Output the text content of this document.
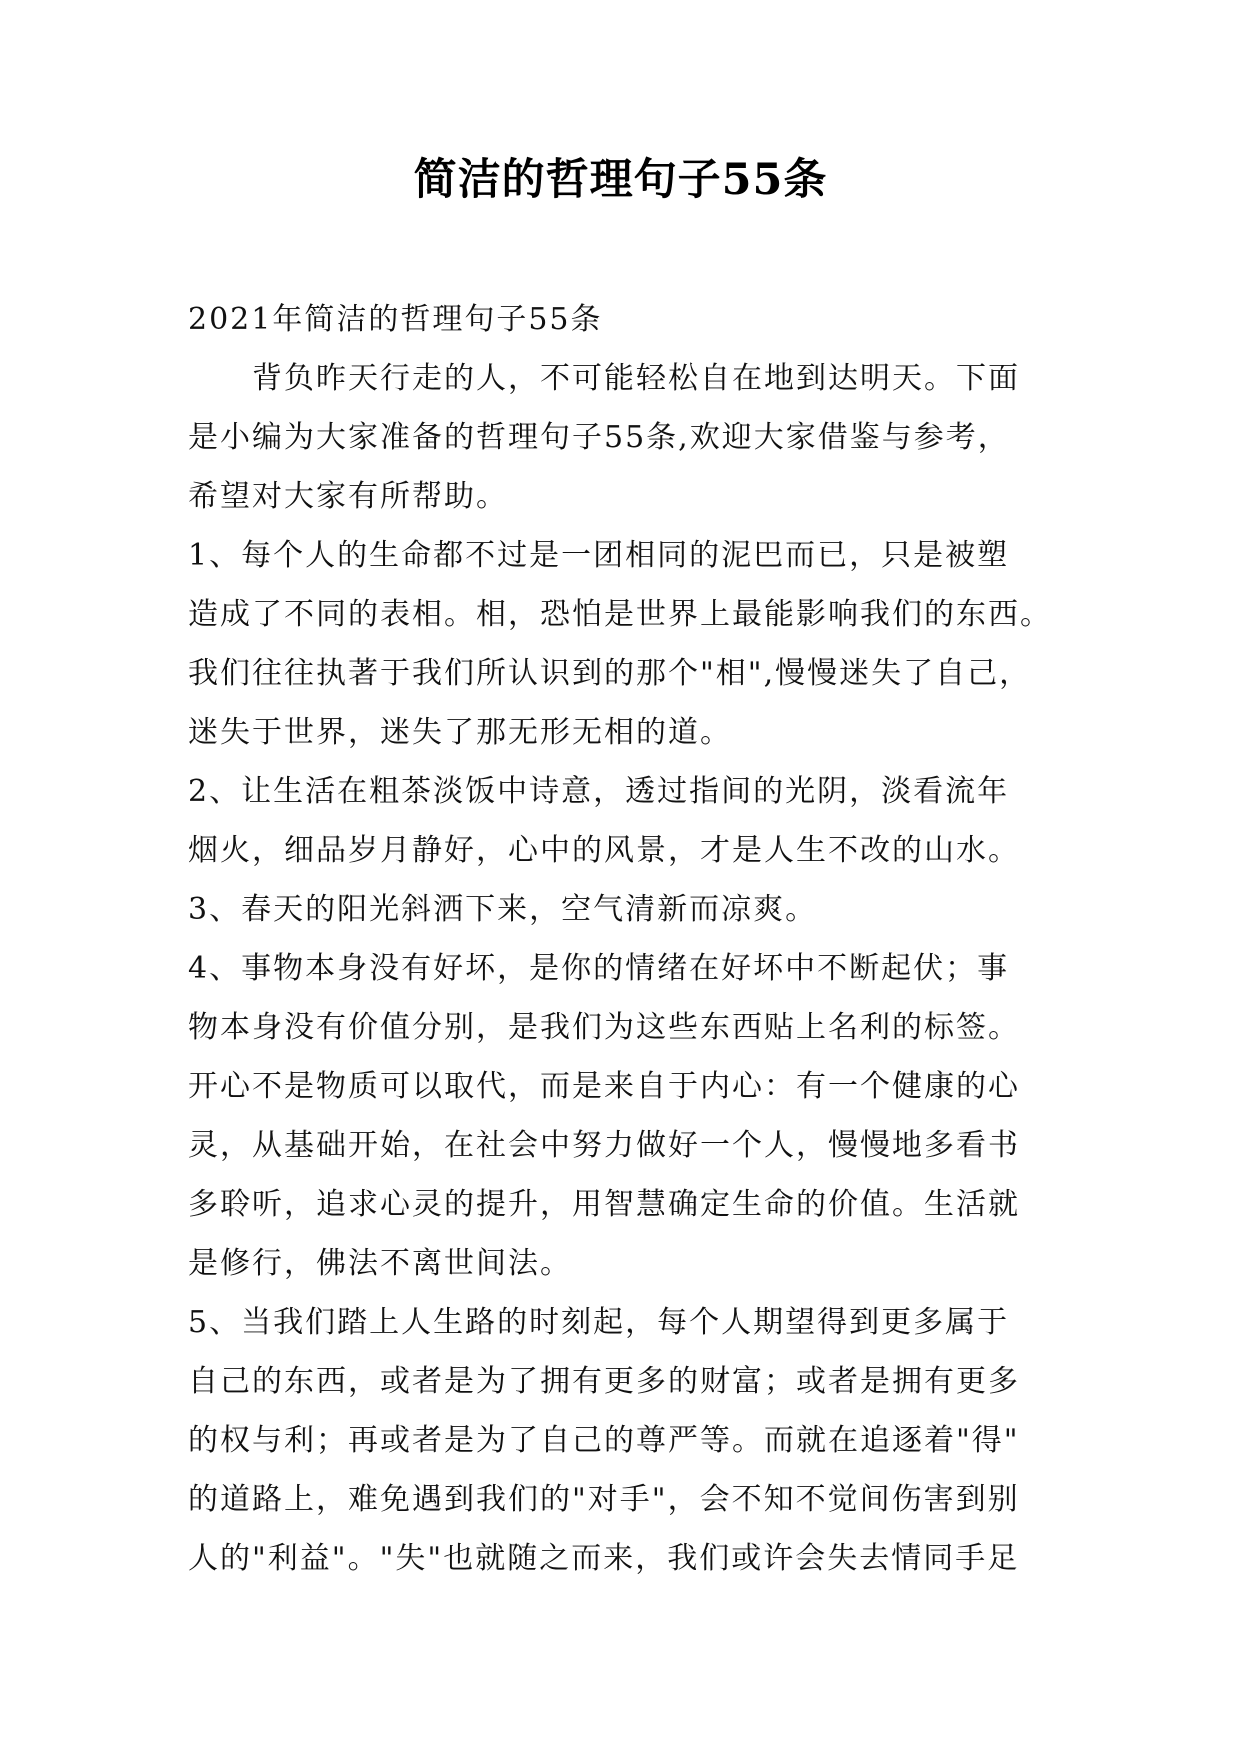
简洁的哲理句子55条
2021年简洁的哲理句子55条
背负昨天行走的人，不可能轻松自在地到达明天。下面
是小编为大家准备的哲理句子55条,欢迎大家借鉴与参考，
希望对大家有所帮助。
1、每个人的生命都不过是一团相同的泥巴而已，只是被塑
造成了不同的表相。相，恐怕是世界上最能影响我们的东西。
我们往往执著于我们所认识到的那个"相",慢慢迷失了自己，
迷失于世界，迷失了那无形无相的道。
2、让生活在粗茶淡饭中诗意，透过指间的光阴，淡看流年
烟火，细品岁月静好，心中的风景，才是人生不改的山水。
3、春天的阳光斜洒下来，空气清新而凉爽。
4、事物本身没有好坏，是你的情绪在好坏中不断起伏；事
物本身没有价值分别，是我们为这些东西贴上名利的标签。
开心不是物质可以取代，而是来自于内心：有一个健康的心
灵，从基础开始，在社会中努力做好一个人，慢慢地多看书
多聆听，追求心灵的提升，用智慧确定生命的价值。生活就
是修行，佛法不离世间法。
5、当我们踏上人生路的时刻起，每个人期望得到更多属于
自己的东西，或者是为了拥有更多的财富；或者是拥有更多
的权与利；再或者是为了自己的尊严等。而就在追逐着"得"
的道路上，难免遇到我们的"对手"，会不知不觉间伤害到别
人的"利益"。"失"也就随之而来，我们或许会失去情同手足
